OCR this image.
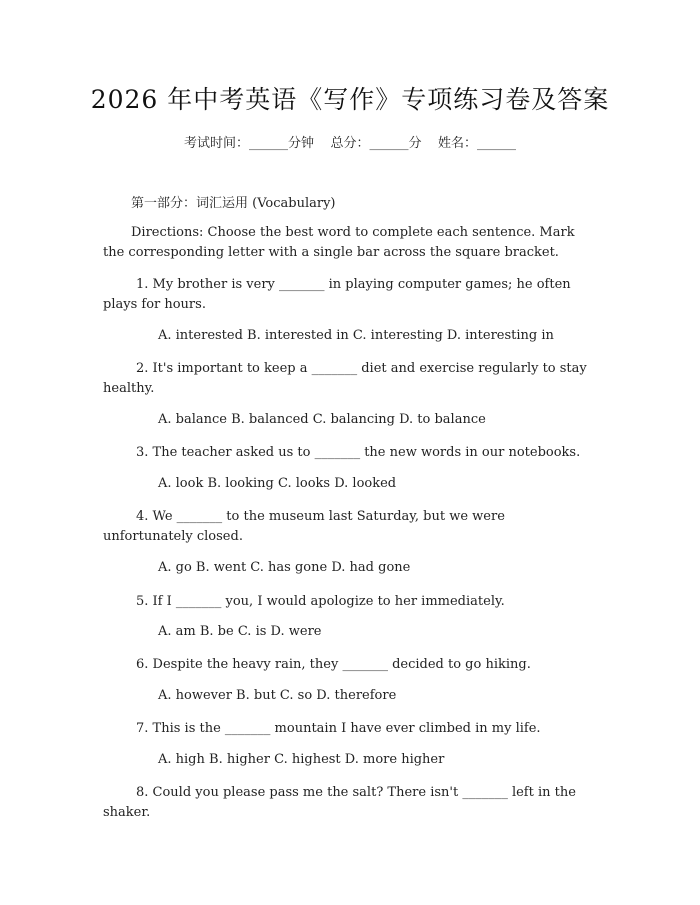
2026 年中考英语《写作》专项练习卷及答案
考试时间：______分钟    总分：______分    姓名：______
第一部分：词汇运用 (Vocabulary)
Directions: Choose the best word to complete each sentence. Mark the corresponding letter with a single bar across the square bracket.
1. My brother is very _______ in playing computer games; he often plays for hours.
A. interested B. interested in C. interesting D. interesting in
2. It's important to keep a _______ diet and exercise regularly to stay healthy.
A. balance B. balanced C. balancing D. to balance
3. The teacher asked us to _______ the new words in our notebooks.
A. look B. looking C. looks D. looked
4. We _______ to the museum last Saturday, but we were unfortunately closed.
A. go B. went C. has gone D. had gone
5. If I _______ you, I would apologize to her immediately.
A. am B. be C. is D. were
6. Despite the heavy rain, they _______ decided to go hiking.
A. however B. but C. so D. therefore
7. This is the _______ mountain I have ever climbed in my life.
A. high B. higher C. highest D. more higher
8. Could you please pass me the salt? There isn't _______ left in the shaker.
